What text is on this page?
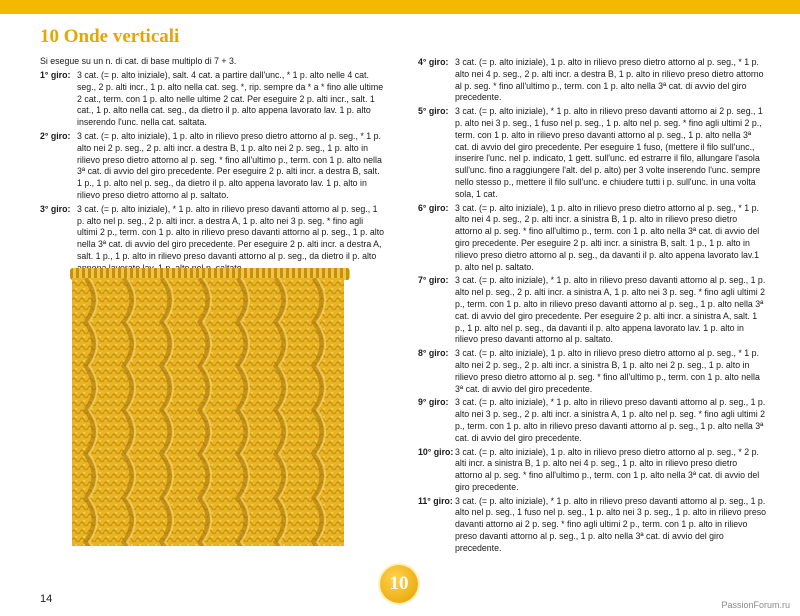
10 Onde verticali
Si esegue su un n. di cat. di base multiplo di 7 + 3.
1° giro: 3 cat. (= p. alto iniziale), salt. 4 cat. a partire dall'unc., * 1 p. alto nelle 4 cat. seg., 2 p. alti incr., 1 p. alto nella cat. seg. *, rip. sempre da * a * fino alle ultime 2 cat., term. con 1 p. alto nelle ultime 2 cat. Per eseguire 2 p. alti incr., salt. 1 cat., 1 p. alto nella cat. seg., da dietro il p. alto appena lavorato lav. 1 p. alto inserendo l'unc. nella cat. saltata.
2° giro: 3 cat. (= p. alto iniziale), 1 p. alto in rilievo preso dietro attorno al p. seg., * 1 p. alto nei 2 p. seg., 2 p. alti incr. a destra B, 1 p. alto nei 2 p. seg., 1 p. alto in rilievo preso dietro attorno al p. seg. * fino all'ultimo p., term. con 1 p. alto nella 3ª cat. di avvio del giro precedente. Per eseguire 2 p. alti incr. a destra B, salt. 1 p., 1 p. alto nel p. seg., da dietro il p. alto appena lavorato lav. 1 p. alto in rilievo preso dietro attorno al p. saltato.
3° giro: 3 cat. (= p. alto iniziale), * 1 p. alto in rilievo preso davanti attorno al p. seg., 1 p. alto nel p. seg., 2 p. alti incr. a destra A, 1 p. alto nei 3 p. seg. * fino agli ultimi 2 p., term. con 1 p. alto in rilievo preso davanti attorno al p. seg., 1 p. alto nella 3ª cat. di avvio del giro precedente. Per eseguire 2 p. alti incr. a destra A, salt. 1 p., 1 p. alto in rilievo preso davanti attorno al p. seg., da dietro il p. alto
4° giro: 3 cat. (= p. alto iniziale), 1 p. alto in rilievo preso dietro attorno al p. seg., * 1 p. alto nei 4 p. seg., 2 p. alti incr. a destra B, 1 p. alto in rilievo preso dietro attorno al p. seg. * fino all'ultimo p., term. con 1 p. alto nella 3ª cat. di avvio del giro precedente.
5° giro: 3 cat. (= p. alto iniziale), * 1 p. alto in rilievo preso davanti attorno ai 2 p. seg., 1 p. alto nei 3 p. seg., 1 fuso nel p. seg., 1 p. alto nel p. seg. * fino agli ultimi 2 p., term. con 1 p. alto in rilievo preso davanti attorno al p. seg., 1 p. alto nella 3ª cat. di avvio del giro precedente. Per eseguire 1 fuso, (mettere il filo sull'unc., inserire l'unc. nel p. indicato, 1 gett. sull'unc. ed estrarre il filo, allungare l'asola sull'unc. fino a raggiungere l'alt. del p. alto) per 3 volte inserendo l'unc. sempre nello stesso p., mettere il filo sull'unc. e chiudere tutti i p. sull'unc. in una volta sola, 1 cat.
6° giro: 3 cat. (= p. alto iniziale), 1 p. alto in rilievo preso dietro attorno al p. seg., * 1 p. alto nei 4 p. seg., 2 p. alti incr. a sinistra B, 1 p. alto in rilievo preso dietro attorno al p. seg. * fino all'ultimo p., term. con 1 p. alto nella 3ª cat. di avvio del giro precedente. Per eseguire 2 p. alti incr. a sinistra B, salt. 1 p., 1 p. alto in rilievo preso dietro attorno al p. seg., da davanti il p. alto appena lavorato lav.1 p. alto nel p. saltato.
7° giro: 3 cat. (= p. alto iniziale), * 1 p. alto in rilievo preso davanti attorno al p. seg., 1 p. alto nel p. seg., 2 p. alti incr. a sinistra A, 1 p. alto nei 3 p. seg. * fino agli ultimi 2 p., term. con 1 p. alto in rilievo preso davanti attorno al p. seg., 1 p. alto nella 3ª cat. di avvio del giro precedente. Per eseguire 2 p. alti incr. a sinistra A, salt. 1 p., 1 p. alto nel p. seg., da davanti il p. alto appena lavorato lav. 1 p. alto in rilievo preso davanti attorno al p. saltato.
8° giro: 3 cat. (= p. alto iniziale), 1 p. alto in rilievo preso dietro attorno al p. seg., * 1 p. alto nei 2 p. seg., 2 p. alti incr. a sinistra B, 1 p. alto nei 2 p. seg., 1 p. alto in rilievo preso dietro attorno al p. seg. * fino all'ultimo p., term. con 1 p. alto nella 3ª cat. di avvio del giro precedente.
9° giro: 3 cat. (= p. alto iniziale), * 1 p. alto in rilievo preso davanti attorno al p. seg., 1 p. alto nei 3 p. seg., 2 p. alti incr. a sinistra A, 1 p. alto nel p. seg. * fino agli ultimi 2 p., term. con 1 p. alto in rilievo preso davanti attorno al p. seg., 1 p. alto nella 3ª cat. di avvio del giro precedente.
10° giro: 3 cat. (= p. alto iniziale), 1 p. alto in rilievo preso dietro attorno al p. seg., * 2 p. alti incr. a sinistra B, 1 p. alto nei 4 p. seg., 1 p. alto in rilievo preso dietro attorno al p. seg. * fino all'ultimo p., term. con 1 p. alto nella 3ª cat. di avvio del giro precedente.
11° giro: 3 cat. (= p. alto iniziale), * 1 p. alto in rilievo preso davanti attorno al p. seg., 1 p. alto nel p. seg., 1 fuso nel p. seg., 1 p. alto nei 3 p. seg., 1 p. alto in rilievo preso davanti attorno ai 2 p. seg. * fino agli ultimi 2 p., term. con 1 p. alto in rilievo preso davanti attorno al p. seg., 1 p. alto nella 3ª cat. di avvio del giro precedente.
10
14	PassionForum.ru
